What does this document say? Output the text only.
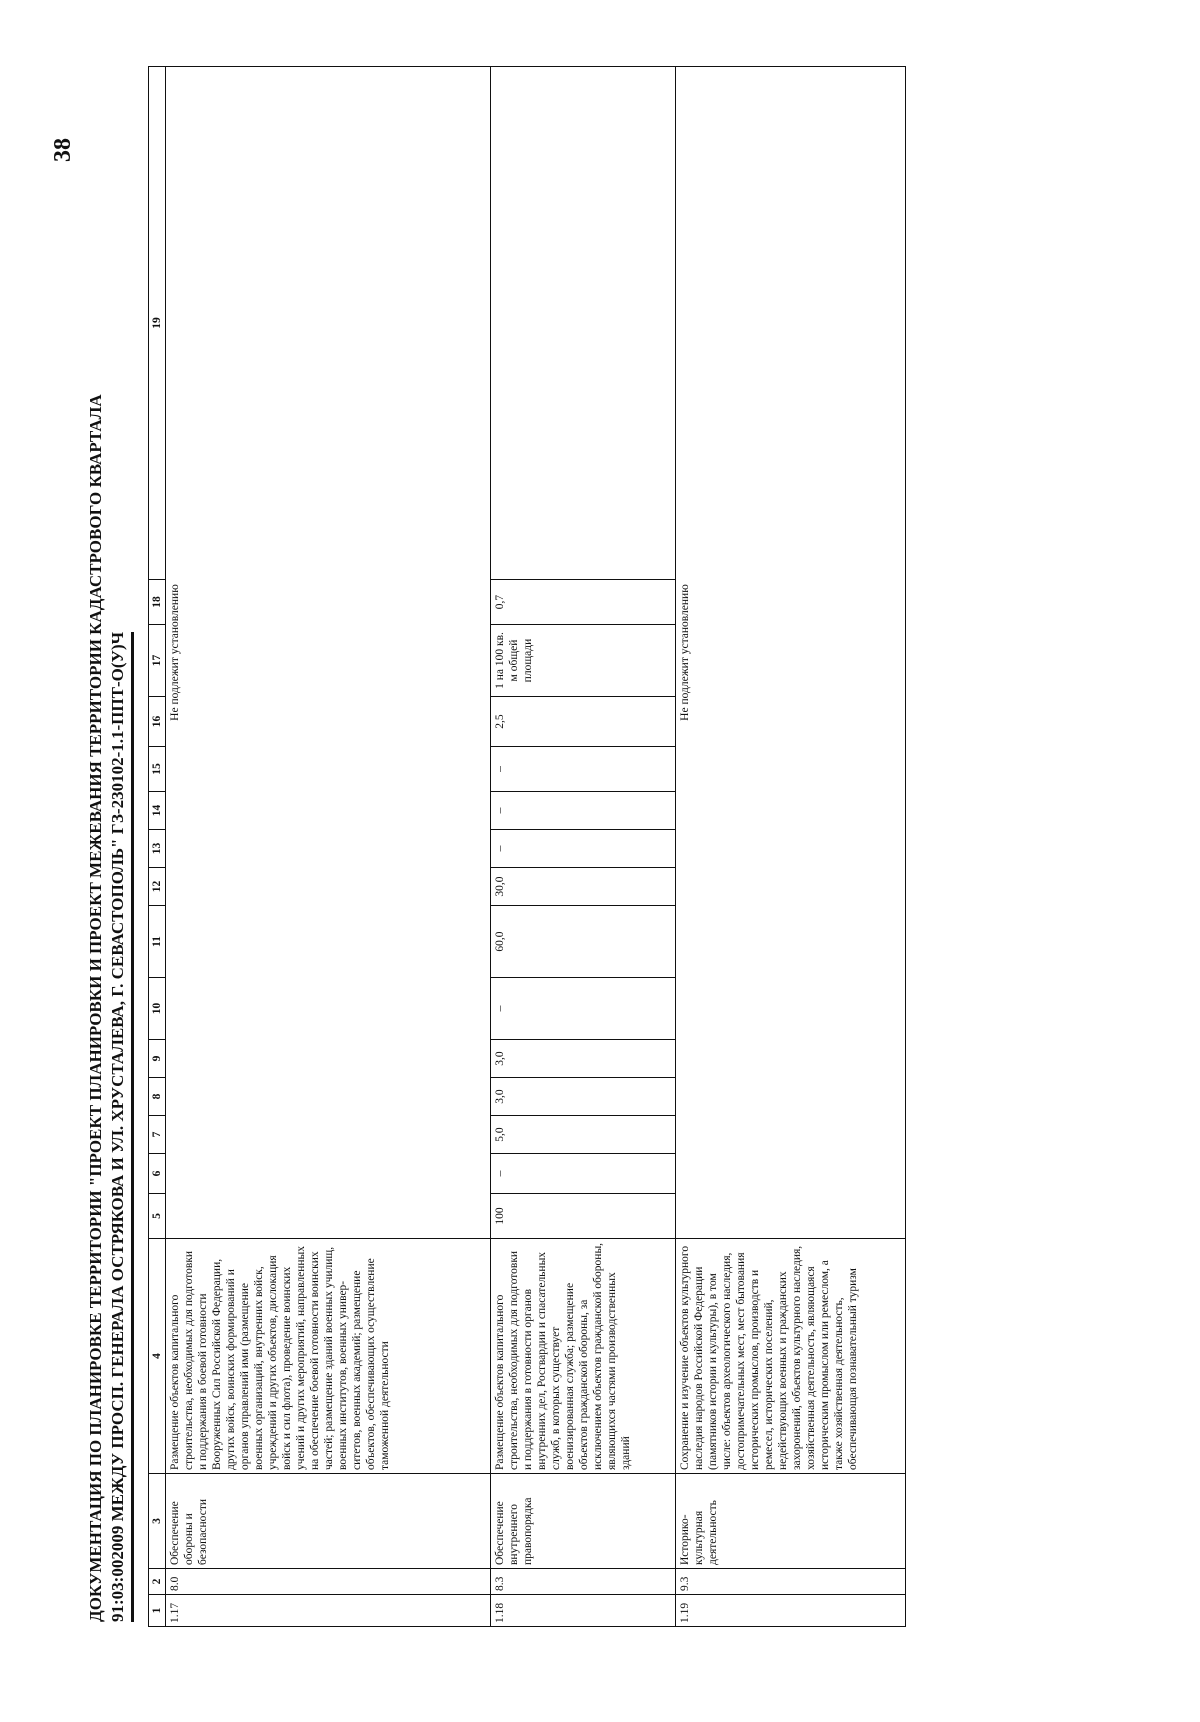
ДОКУМЕНТАЦИЯ ПО ПЛАНИРОВКЕ ТЕРРИТОРИИ "ПРОЕКТ ПЛАНИРОВКИ И ПРОЕКТ МЕЖЕВАНИЯ ТЕРРИТОРИИ КАДАСТРОВОГО КВАРТАЛА 91:03:002009 МЕЖДУ ПРОСП. ГЕНЕРАЛА ОСТРЯКОВА И УЛ. ХРУСТАЛЕВА, Г. СЕВАСТОПОЛЬ" ГЗ-230102-1.1-ППТ-О(У)Ч
38
1	2	3	4	5	6	7	8	9	10	11	12	13	14	15	16	17	18	19
1.17	8.0	Обеспечение обороны и безопасности	Размещение объектов капитального строительства, необходимых для подготовки и поддержания в боевой готовности Вооруженных Сил Российской Федерации, других войск, воинских формирований и органов управлений ими (размещение военных организаций, внутренних войск, учреждений и других объектов, дислокация войск и сил флота), проведение воинских учений и других мероприятий, направленных на обеспечение боевой готовности воинских частей; размещение зданий военных училищ, военных институтов, военных универ-ситетов, военных академий; размещение объектов, обеспечивающих осуществление таможенной деятельности	Не подлежит установлению														
1.18	8.3	Обеспечение внутреннего правопорядка	Размещение объектов капитального строительства, необходимых для подготовки и поддержания в готовности органов внутренних дел, Росгвардии и спасательных служб, в которых существует военизированная служба; размещение объектов гражданской обороны, за исключением объектов гражданской обороны, являющихся частями производственных зданий	100	–	5,0	3,0	3,0	–	60,0	30,0	–	–	–	2,5	1 на 100 кв. м общей площади	0,7	
1.19	9.3	Историко-культурная деятельность	Сохранение и изучение объектов культурного наследия народов Российской Федерации (памятников истории и культуры), в том числе: объектов археологического наследия, достопримечательных мест, мест бытования исторических промыслов, производств и ремесел, исторических поселений, недействующих военных и гражданских захоронений, объектов культурного наследия, хозяйственная деятельность, являющаяся историческим промыслом или ремеслом, а также хозяйственная деятельность, обеспечивающая познавательный туризм	Не подлежит установлению														
